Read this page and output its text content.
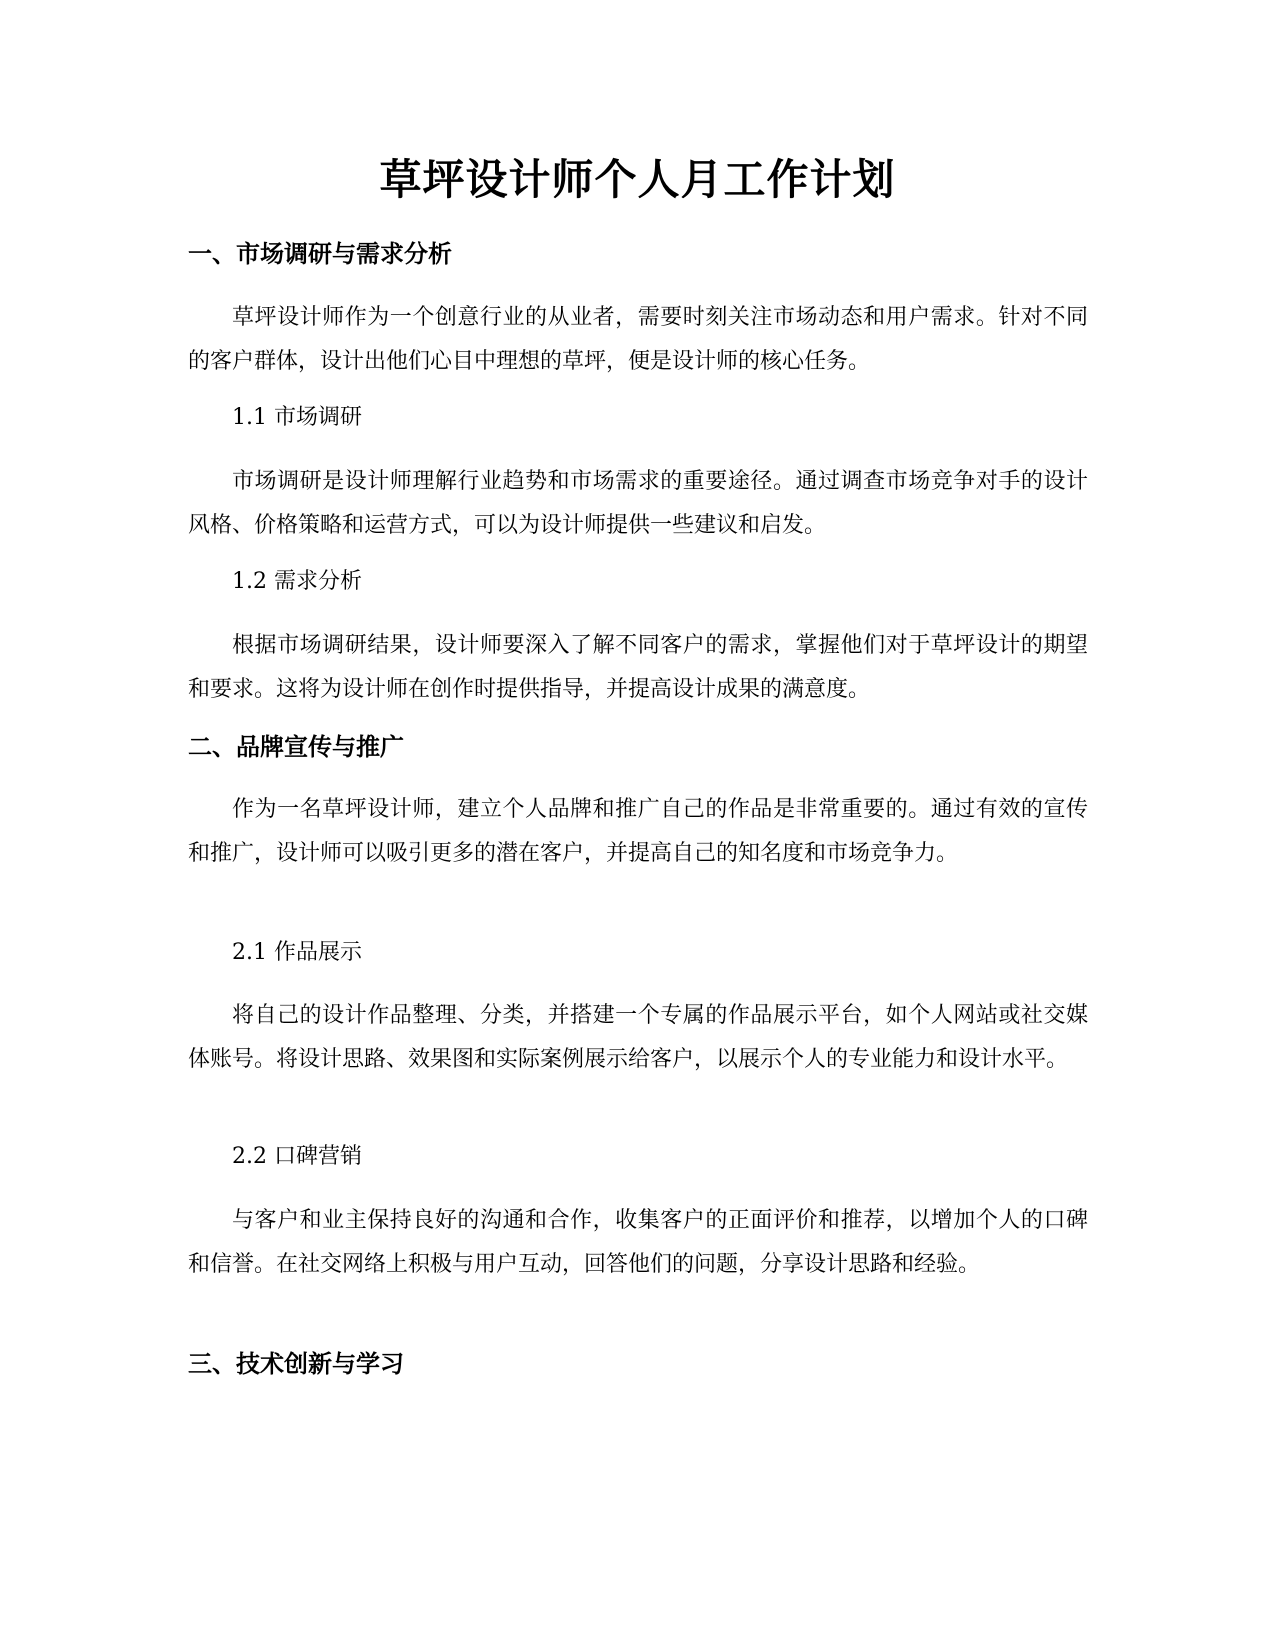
草坪设计师个人月工作计划
一、市场调研与需求分析
草坪设计师作为一个创意行业的从业者，需要时刻关注市场动态和用户需求。针对不同的客户群体，设计出他们心目中理想的草坪，便是设计师的核心任务。
1.1 市场调研
市场调研是设计师理解行业趋势和市场需求的重要途径。通过调查市场竞争对手的设计风格、价格策略和运营方式，可以为设计师提供一些建议和启发。
1.2 需求分析
根据市场调研结果，设计师要深入了解不同客户的需求，掌握他们对于草坪设计的期望和要求。这将为设计师在创作时提供指导，并提高设计成果的满意度。
二、品牌宣传与推广
作为一名草坪设计师，建立个人品牌和推广自己的作品是非常重要的。通过有效的宣传和推广，设计师可以吸引更多的潜在客户，并提高自己的知名度和市场竞争力。
2.1 作品展示
将自己的设计作品整理、分类，并搭建一个专属的作品展示平台，如个人网站或社交媒体账号。将设计思路、效果图和实际案例展示给客户，以展示个人的专业能力和设计水平。
2.2 口碑营销
与客户和业主保持良好的沟通和合作，收集客户的正面评价和推荐，以增加个人的口碑和信誉。在社交网络上积极与用户互动，回答他们的问题，分享设计思路和经验。
三、技术创新与学习
